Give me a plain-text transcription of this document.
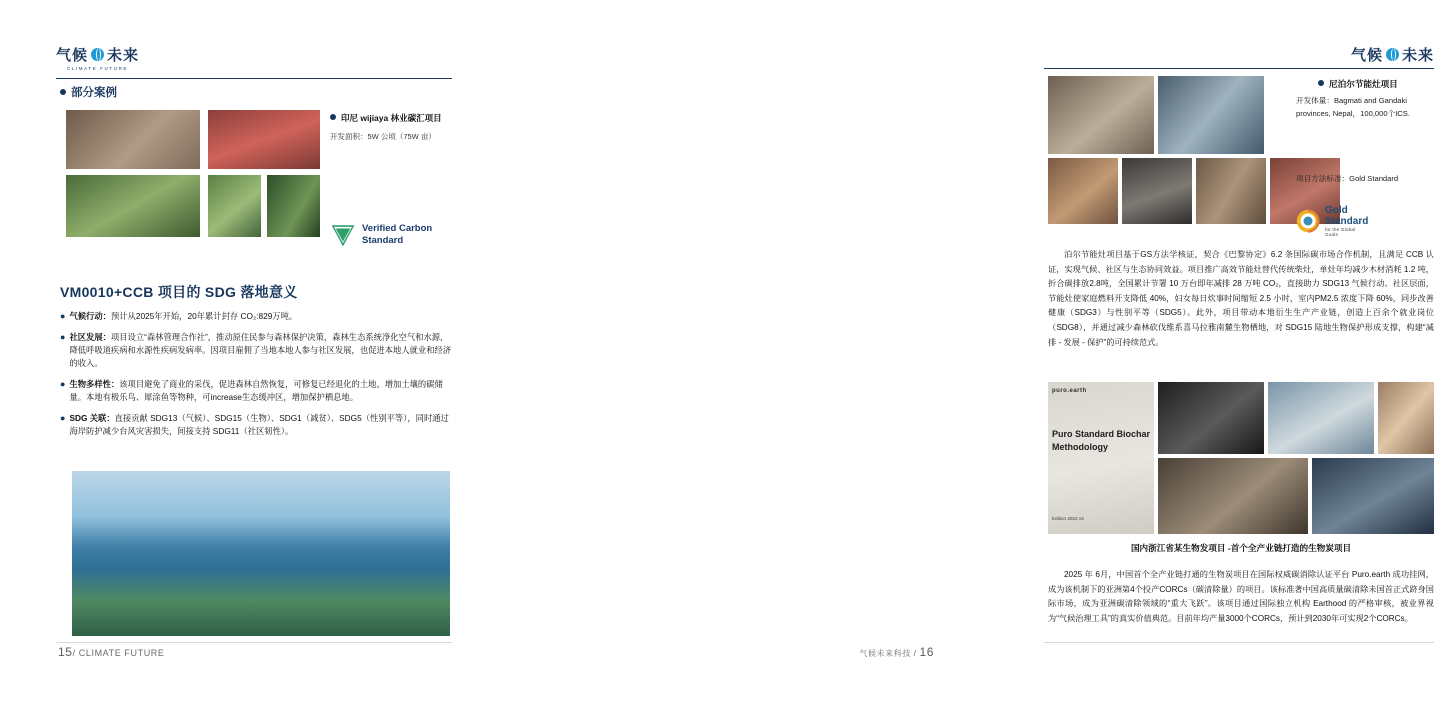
气候 未来
CLIMATE FUTURE
部分案例
印尼 wijiaya 林业碳汇项目
开发面积：5W 公顷（75W 亩）
Verified Carbon
Standard
VM0010+CCB 项目的 SDG 落地意义
● 气候行动：预计从2025年开始，20年累计封存 CO₂:829万吨。
● 社区发展：项目设立“森林管理合作社”，推动原住民参与森林保护决策，森林生态系统净化空气和水源，降低呼吸道疾病和水源性疾病发病率。因项目雇佣了当地本地人参与社区发展，也促进本地人就业和经济的收入。
● 生物多样性：该项目避免了商业的采伐，促进森林自然恢复，可修复已经退化的土地。增加土壤的碳储量。本地有极乐鸟、犀涂鱼等物种，可increase生态缓冲区，增加保护栖息地。
● SDG 关联：直接贡献 SDG13（气候）、SDG15（生物）、SDG1（减贫）、SDG5（性别平等），同时通过海岸防护减少台风灾害损失，间接支持 SDG11（社区韧性）。
15/ CLIMATE FUTURE
气候 未来
尼泊尔节能灶项目
开发体量：Bagmati and Gandaki provinces, Nepal，100,000个ICS.
项目方法标准：Gold Standard
Gold Standard
for the Global Goals
泊尔节能灶项目基于GS方法学核证，契合《巴黎协定》6.2 条国际碳市场合作机制，且满足 CCB 认证，实现气候、社区与生态协同效益。项目推广高效节能灶替代传统柴灶，单灶年均减少木材消耗 1.2 吨，折合碳排放2.8吨，全国累计节署 10 万台即年减排 28 万吨 CO₂，直接助力 SDG13 气候行动。社区层面，节能灶使家庭燃料开支降低 40%，妇女每日炊事时间缩短 2.5 小时，室内PM2.5 浓度下降 60%，同步改善健康（SDG3）与性别平等（SDG5）。此外，项目带动本地衍生生产产业链，创造上百余个就业岗位（SDG8），并通过减少森林砍伐维系喜马拉雅南麓生物栖地，对 SDG15 陆地生物保护形成支撑，构建“减排 - 发展 - 保护”的可持续范式。
puro.earth
Puro Standard Biochar Methodology
Edition 2022 v3
国内浙江省某生物发项目 -首个全产业链打造的生物炭项目
2025 年 6月，中国首个全产业链打通的生物炭项目在国际权威碳消除认证平台 Puro.earth 成功挂网，成为该机制下的亚洲第4个投产CORCs（碳清除量）的项目。该标准著中国高质量碳清除未国首正式跻身国际市场，成为亚洲碳清除领域的“重大飞跃”。该项目通过国际独立机构 Earthood 的严格审核，被业界视为“气候治理工具”的真实价值典范。目前年均产量3000个CORCs，预计到2030年可实现2个CORCs。
气候未来科技 / 16
